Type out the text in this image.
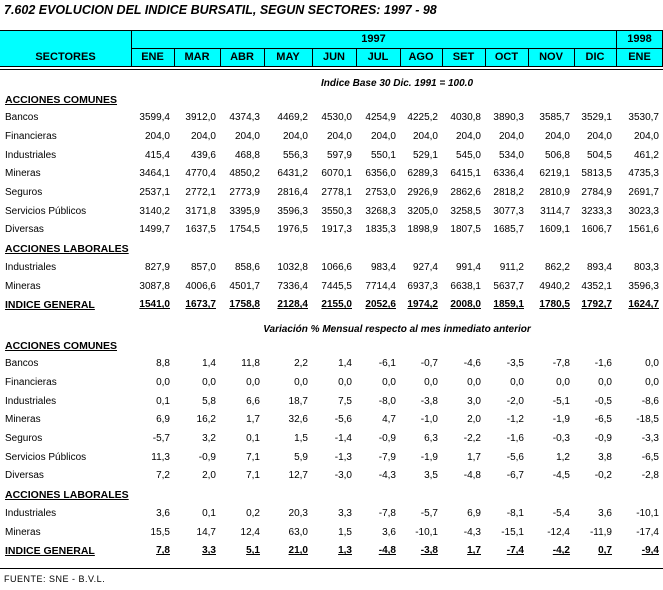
7.602 EVOLUCION DEL INDICE BURSATIL, SEGUN SECTORES: 1997 - 98
SECTORES
1997	1998
ENE	MAR	ABR	MAY	JUN	JUL	AGO	SET	OCT	NOV	DIC	ENE
Indice Base 30 Dic. 1991 = 100.0
ACCIONES COMUNES
Bancos	3599,4	3912,0	4374,3	4469,2	4530,0	4254,9	4225,2	4030,8	3890,3	3585,7	3529,1	3530,7
Financieras	204,0	204,0	204,0	204,0	204,0	204,0	204,0	204,0	204,0	204,0	204,0	204,0
Industriales	415,4	439,6	468,8	556,3	597,9	550,1	529,1	545,0	534,0	506,8	504,5	461,2
Mineras	3464,1	4770,4	4850,2	6431,2	6070,1	6356,0	6289,3	6415,1	6336,4	6219,1	5813,5	4735,3
Seguros	2537,1	2772,1	2773,9	2816,4	2778,1	2753,0	2926,9	2862,6	2818,2	2810,9	2784,9	2691,7
Servicios Públicos	3140,2	3171,8	3395,9	3596,3	3550,3	3268,3	3205,0	3258,5	3077,3	3114,7	3233,3	3023,3
Diversas	1499,7	1637,5	1754,5	1976,5	1917,3	1835,3	1898,9	1807,5	1685,7	1609,1	1606,7	1561,6
ACCIONES LABORALES
Industriales	827,9	857,0	858,6	1032,8	1066,6	983,4	927,4	991,4	911,2	862,2	893,4	803,3
Mineras	3087,8	4006,6	4501,7	7336,4	7445,5	7714,4	6937,3	6638,1	5637,7	4940,2	4352,1	3596,3
INDICE GENERAL	1541,0	1673,7	1758,8	2128,4	2155,0	2052,6	1974,2	2008,0	1859,1	1780,5	1792,7	1624,7
Variación % Mensual respecto al mes inmediato anterior
ACCIONES COMUNES
Bancos	8,8	1,4	11,8	2,2	1,4	-6,1	-0,7	-4,6	-3,5	-7,8	-1,6	0,0
Financieras	0,0	0,0	0,0	0,0	0,0	0,0	0,0	0,0	0,0	0,0	0,0	0,0
Industriales	0,1	5,8	6,6	18,7	7,5	-8,0	-3,8	3,0	-2,0	-5,1	-0,5	-8,6
Mineras	6,9	16,2	1,7	32,6	-5,6	4,7	-1,0	2,0	-1,2	-1,9	-6,5	-18,5
Seguros	-5,7	3,2	0,1	1,5	-1,4	-0,9	6,3	-2,2	-1,6	-0,3	-0,9	-3,3
Servicios Públicos	11,3	-0,9	7,1	5,9	-1,3	-7,9	-1,9	1,7	-5,6	1,2	3,8	-6,5
Diversas	7,2	2,0	7,1	12,7	-3,0	-4,3	3,5	-4,8	-6,7	-4,5	-0,2	-2,8
ACCIONES LABORALES
Industriales	3,6	0,1	0,2	20,3	3,3	-7,8	-5,7	6,9	-8,1	-5,4	3,6	-10,1
Mineras	15,5	14,7	12,4	63,0	1,5	3,6	-10,1	-4,3	-15,1	-12,4	-11,9	-17,4
INDICE GENERAL	7,8	3,3	5,1	21,0	1,3	-4,8	-3,8	1,7	-7,4	-4,2	0,7	-9,4
FUENTE: SNE - B.V.L.
